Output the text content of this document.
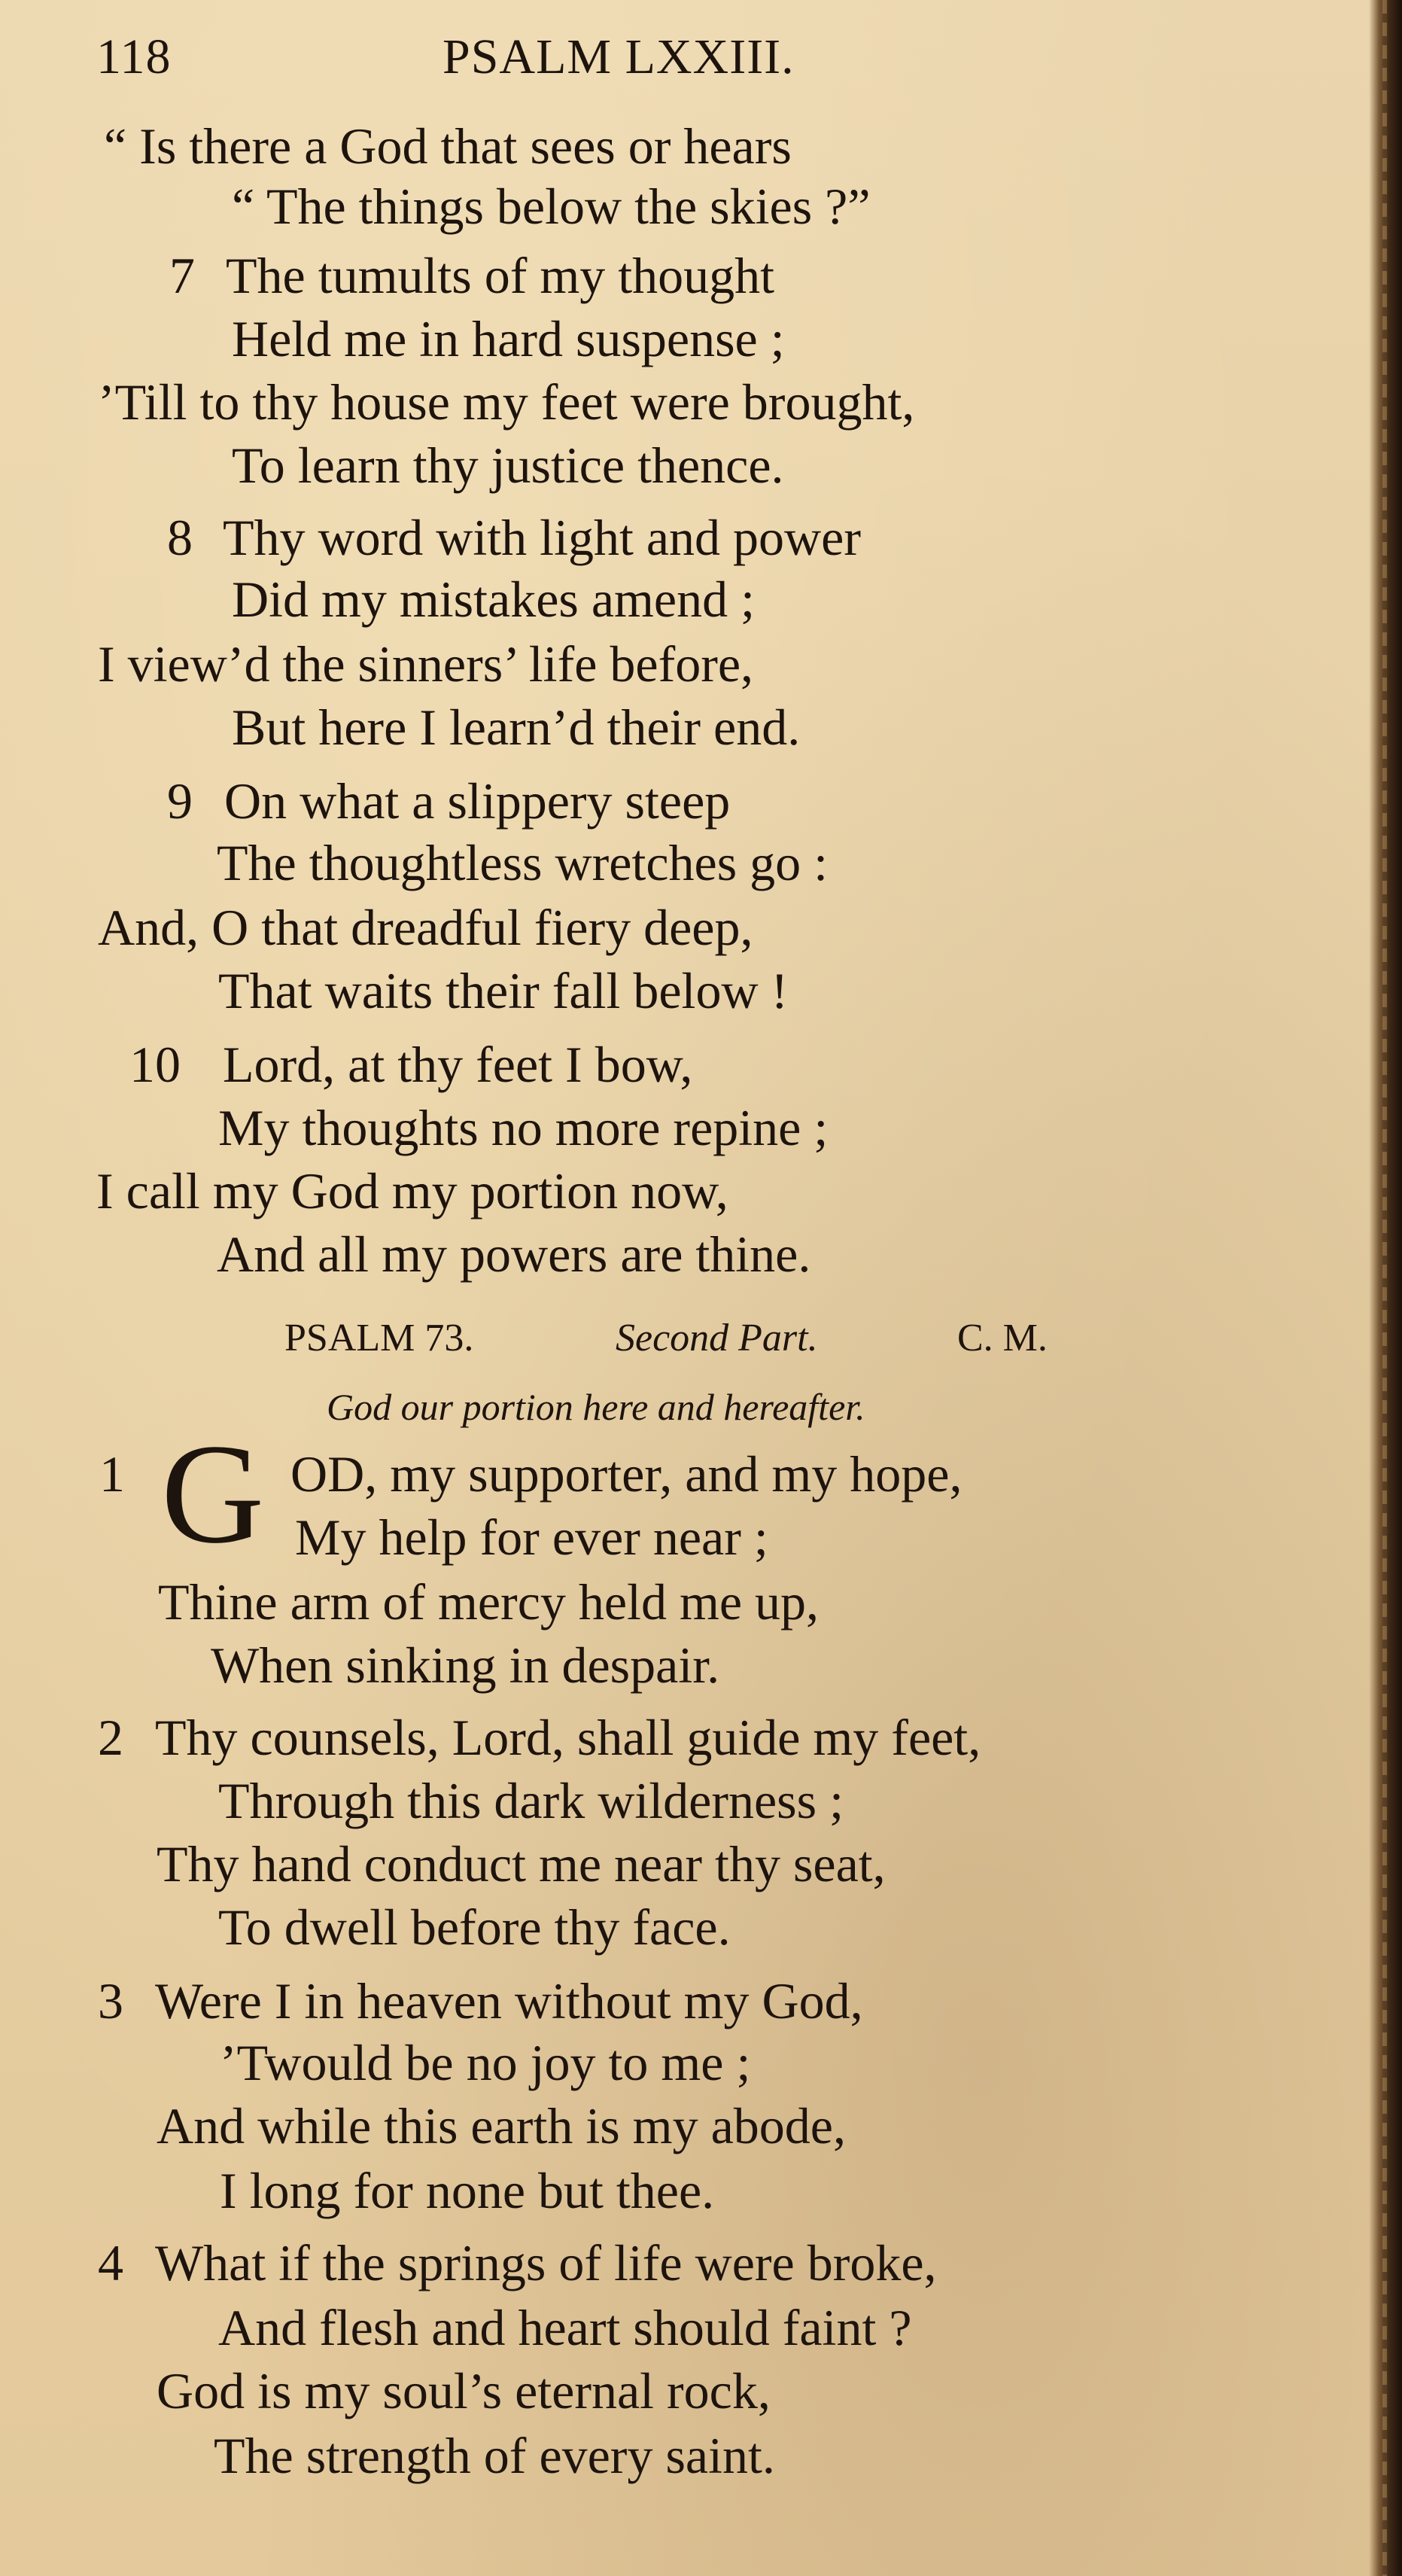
118	PSALM LXXIII.
“ Is there a God that sees or hears
“ The things below the skies ?”
7 The tumults of my thought
Held me in hard suspense ;
’Till to thy house my feet were brought,
To learn thy justice thence.
8 Thy word with light and power
Did my mistakes amend ;
I view’d the sinners’ life before,
But here I learn’d their end.
9 On what a slippery steep
The thoughtless wretches go :
And, O that dreadful fiery deep,
That waits their fall below !
10 Lord, at thy feet I bow,
My thoughts no more repine ;
I call my God my portion now,
And all my powers are thine.
PSALM 73.	Second Part.	C. M.
God our portion here and hereafter.
1 G OD, my supporter, and my hope,
My help for ever near ;
Thine arm of mercy held me up,
When sinking in despair.
2 Thy counsels, Lord, shall guide my feet,
Through this dark wilderness ;
Thy hand conduct me near thy seat,
To dwell before thy face.
3 Were I in heaven without my God,
’Twould be no joy to me ;
And while this earth is my abode,
I long for none but thee.
4 What if the springs of life were broke,
And flesh and heart should faint ?
God is my soul’s eternal rock,
The strength of every saint.
